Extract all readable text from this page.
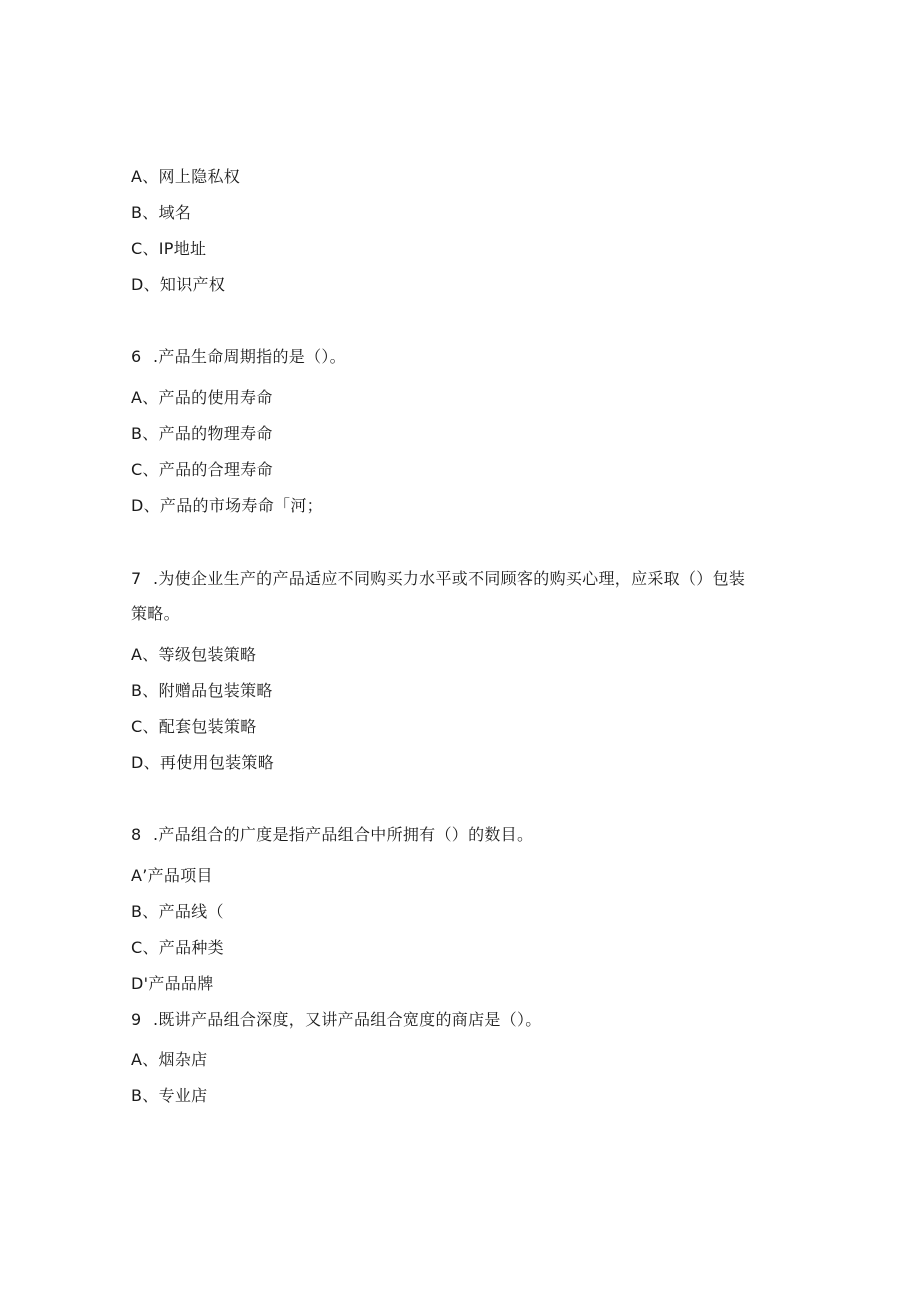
A、网上隐私权
B、域名
C、IP地址
D、知识产权
6 .产品生命周期指的是（）。
A、产品的使用寿命
B、产品的物理寿命
C、产品的合理寿命
D、产品的市场寿命「河；
7 .为使企业生产的产品适应不同购买力水平或不同顾客的购买心理，应采取（）包装
策略。
A、等级包装策略
B、附赠品包装策略
C、配套包装策略
D、再使用包装策略
8 .产品组合的广度是指产品组合中所拥有（）的数目。
A’产品项目
B、产品线（
C、产品种类
D'产品品牌
9 .既讲产品组合深度，又讲产品组合宽度的商店是（）。
A、烟杂店
B、专业店
